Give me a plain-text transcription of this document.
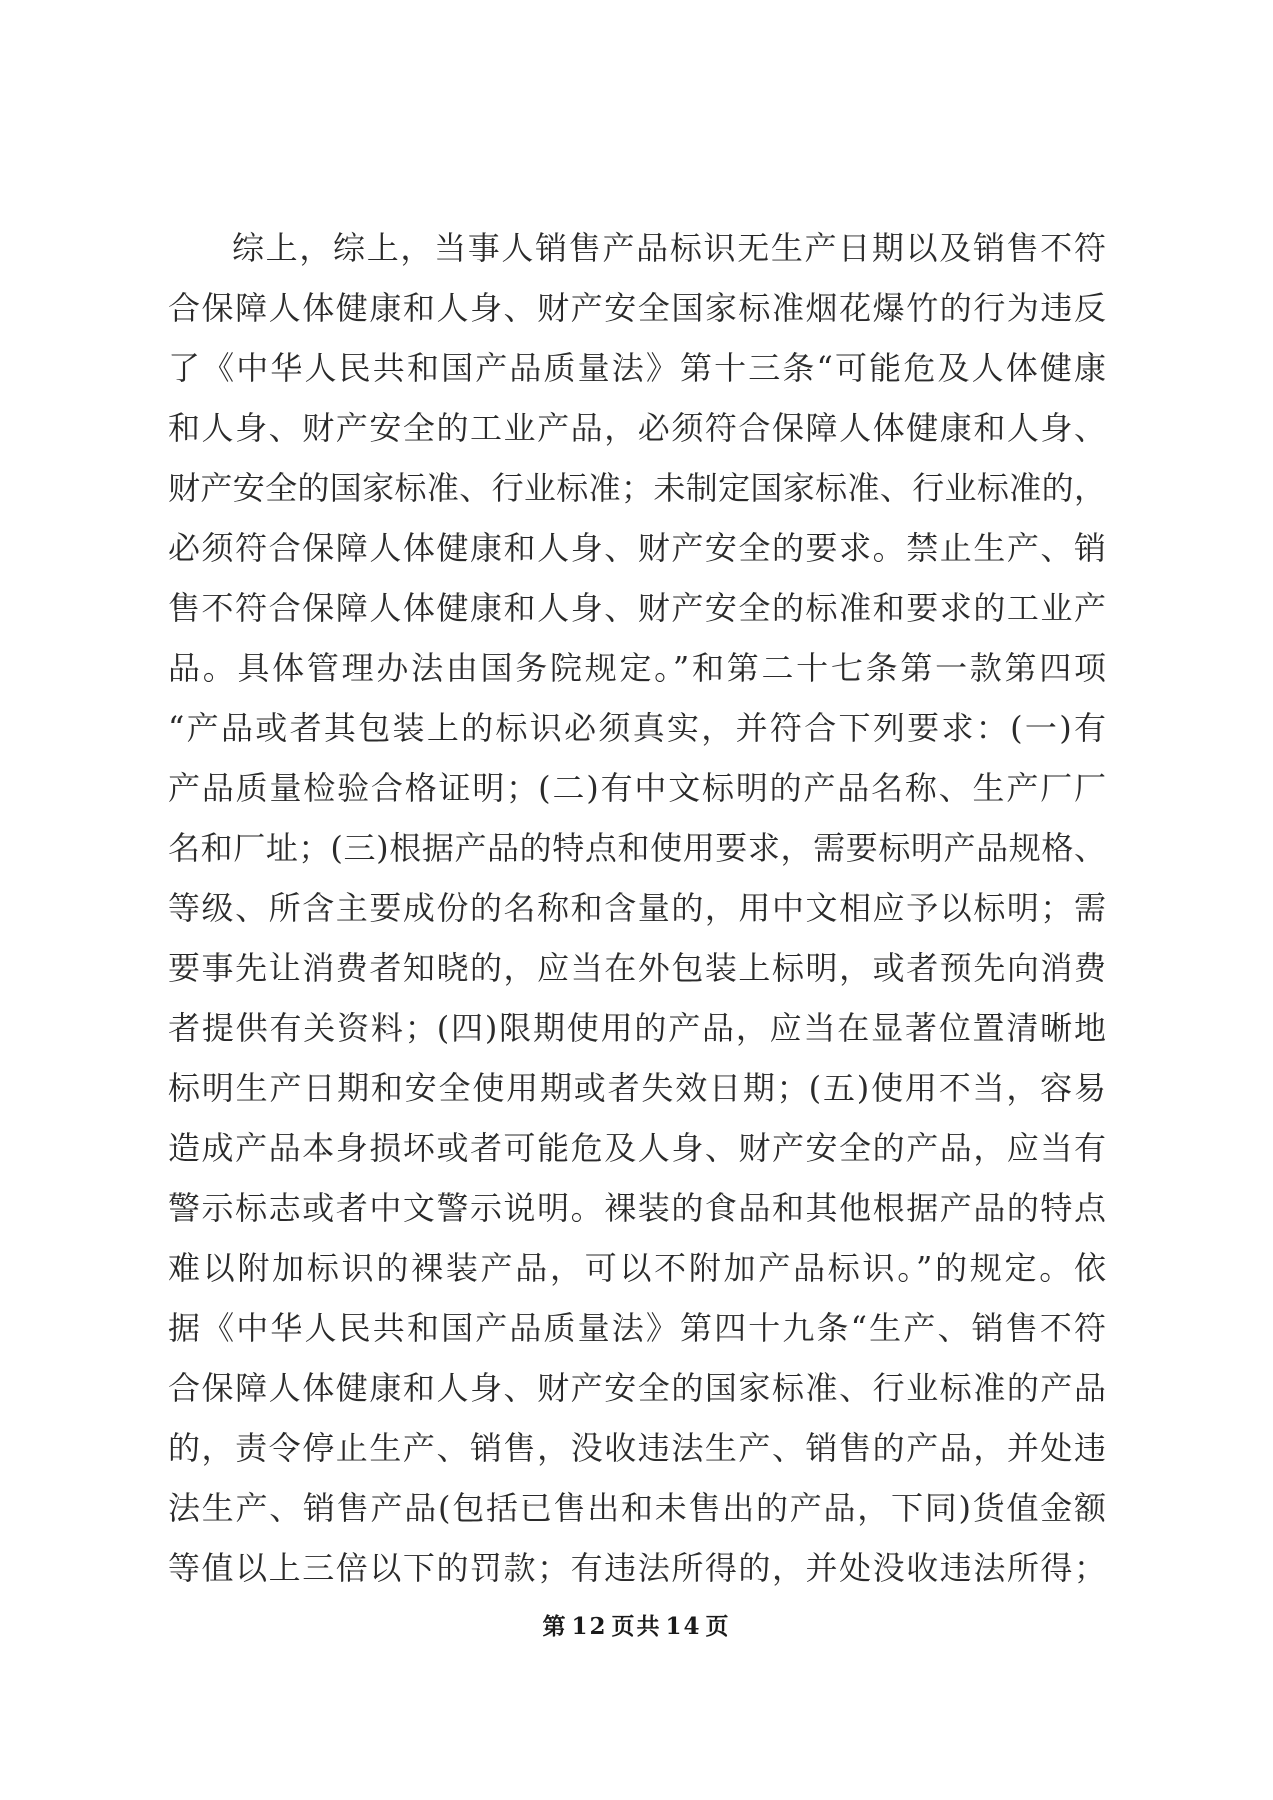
综上，综上，当事人销售产品标识无生产日期以及销售不符
合保障人体健康和人身、财产安全国家标准烟花爆竹的行为违反
了《中华人民共和国产品质量法》第十三条“可能危及人体健康
和人身、财产安全的工业产品，必须符合保障人体健康和人身、
财产安全的国家标准、行业标准；未制定国家标准、行业标准的，
必须符合保障人体健康和人身、财产安全的要求。禁止生产、销
售不符合保障人体健康和人身、财产安全的标准和要求的工业产
品。具体管理办法由国务院规定。”和第二十七条第一款第四项
“产品或者其包装上的标识必须真实，并符合下列要求：(一)有
产品质量检验合格证明；(二)有中文标明的产品名称、生产厂厂
名和厂址；(三)根据产品的特点和使用要求，需要标明产品规格、
等级、所含主要成份的名称和含量的，用中文相应予以标明；需
要事先让消费者知晓的，应当在外包装上标明，或者预先向消费
者提供有关资料；(四)限期使用的产品，应当在显著位置清晰地
标明生产日期和安全使用期或者失效日期；(五)使用不当，容易
造成产品本身损坏或者可能危及人身、财产安全的产品，应当有
警示标志或者中文警示说明。裸装的食品和其他根据产品的特点
难以附加标识的裸装产品，可以不附加产品标识。”的规定。依
据《中华人民共和国产品质量法》第四十九条“生产、销售不符
合保障人体健康和人身、财产安全的国家标准、行业标准的产品
的，责令停止生产、销售，没收违法生产、销售的产品，并处违
法生产、销售产品(包括已售出和未售出的产品，下同)货值金额
等值以上三倍以下的罚款；有违法所得的，并处没收违法所得；
第 12 页共 14 页
